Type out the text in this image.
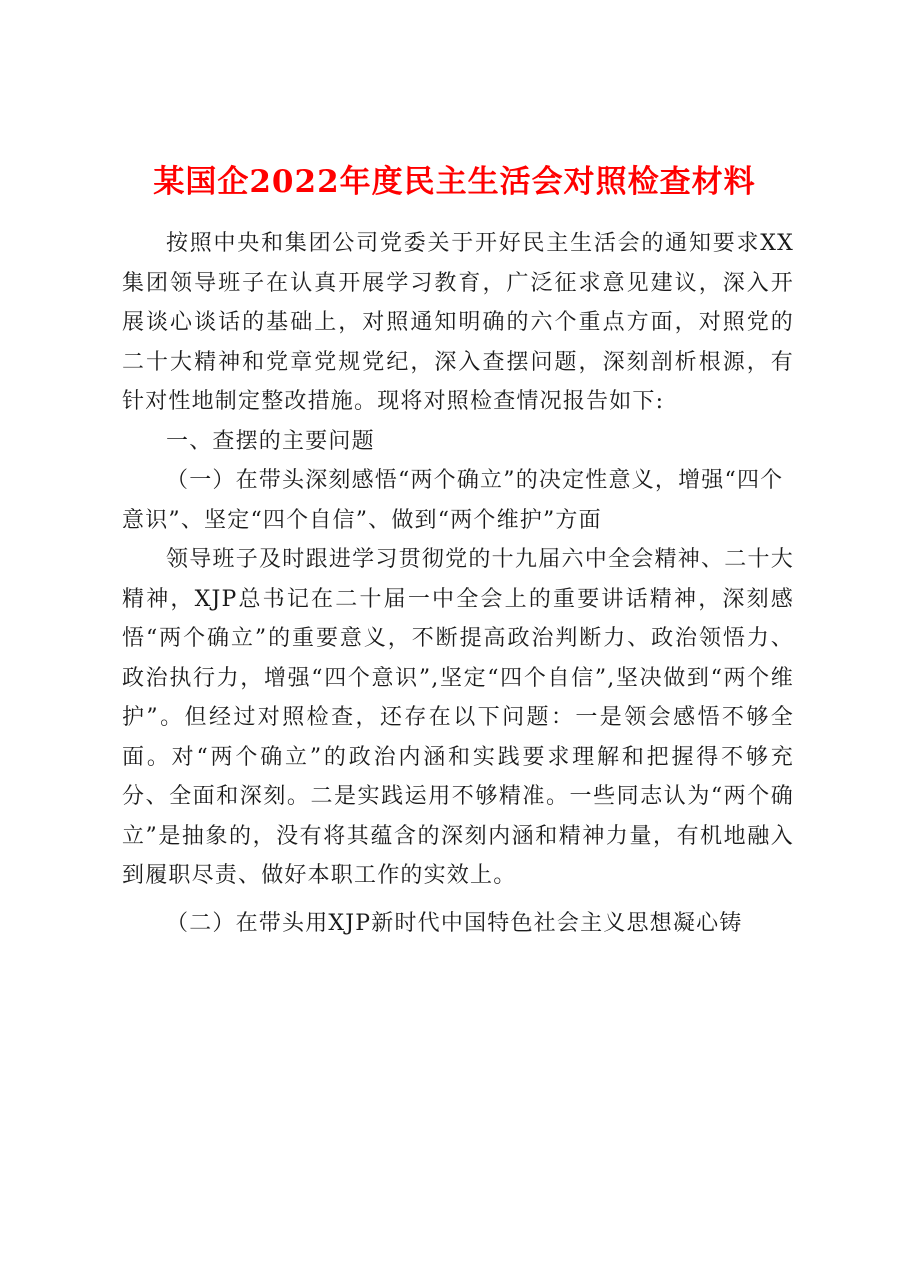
某国企2022年度民主生活会对照检查材料

按照中央和集团公司党委关于开好民主生活会的通知要求XX集团领导班子在认真开展学习教育，广泛征求意见建议，深入开展谈心谈话的基础上，对照通知明确的六个重点方面，对照党的二十大精神和党章党规党纪，深入查摆问题，深刻剖析根源，有针对性地制定整改措施。现将对照检查情况报告如下:

一、查摆的主要问题

（一）在带头深刻感悟“两个确立”的决定性意义，增强“四个意识”、坚定“四个自信”、做到“两个维护”方面

领导班子及时跟进学习贯彻党的十九届六中全会精神、二十大精神，XJP总书记在二十届一中全会上的重要讲话精神，深刻感悟“两个确立”的重要意义，不断提高政治判断力、政治领悟力、政治执行力，增强“四个意识”,坚定“四个自信”,坚决做到“两个维护”。但经过对照检查，还存在以下问题：一是领会感悟不够全面。对“两个确立”的政治内涵和实践要求理解和把握得不够充分、全面和深刻。二是实践运用不够精准。一些同志认为“两个确立”是抽象的，没有将其蕴含的深刻内涵和精神力量，有机地融入到履职尽责、做好本职工作的实效上。

（二）在带头用XJP新时代中国特色社会主义思想凝心铸
